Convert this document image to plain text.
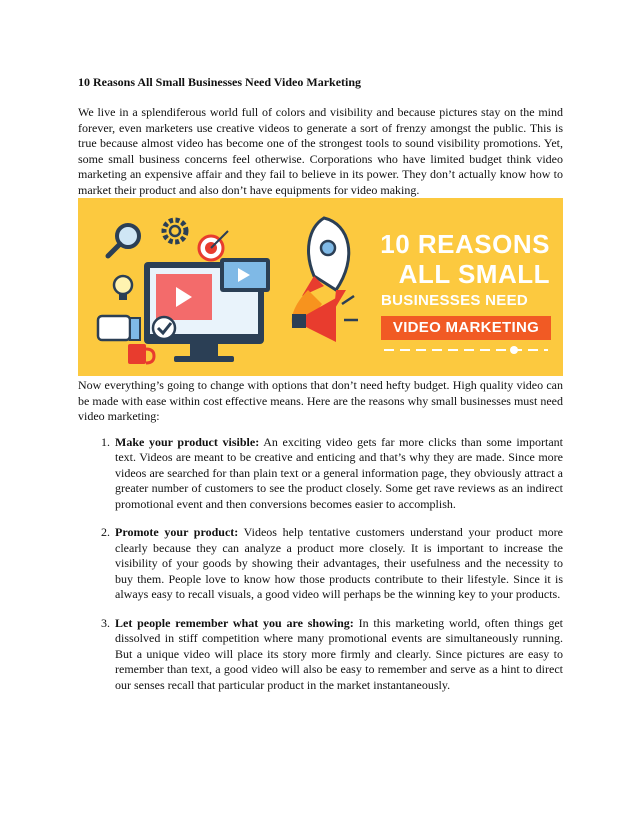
10 Reasons All Small Businesses Need Video Marketing

We live in a splendiferous world full of colors and visibility and because pictures stay on the mind forever, even marketers use creative videos to generate a sort of frenzy amongst the public. This is true because almost video has become one of the strongest tools to sound visibility promotions. Yet, some small business concerns feel otherwise. Corporations who have limited budget think video marketing an expensive affair and they fail to believe in its power. They don’t actually know how to market their product and also don’t have equipments for video making.

10 REASONS
ALL SMALL
BUSINESSES NEED
VIDEO MARKETING

Now everything’s going to change with options that don’t need hefty budget. High quality video can be made with ease within cost effective means. Here are the reasons why small businesses must need video marketing:

1. Make your product visible: An exciting video gets far more clicks than some important text. Videos are meant to be creative and enticing and that’s why they are made. Since more videos are searched for than plain text or a general information page, they obviously attract a greater number of customers to see the product closely. Some get rave reviews as an indirect promotional event and then conversions becomes easier to accomplish.
2. Promote your product: Videos help tentative customers understand your product more clearly because they can analyze a product more closely. It is important to increase the visibility of your goods by showing their advantages, their usefulness and the necessity to buy them. People love to know how those products contribute to their lifestyle. Since it is always easy to recall visuals, a good video will perhaps be the winning key to your products.
3. Let people remember what you are showing: In this marketing world, often things get dissolved in stiff competition where many promotional events are simultaneously running. But a unique video will place its story more firmly and clearly. Since pictures are easy to remember than text, a good video will also be easy to remember and serve as a hint to direct our senses recall that particular product in the market instantaneously.
